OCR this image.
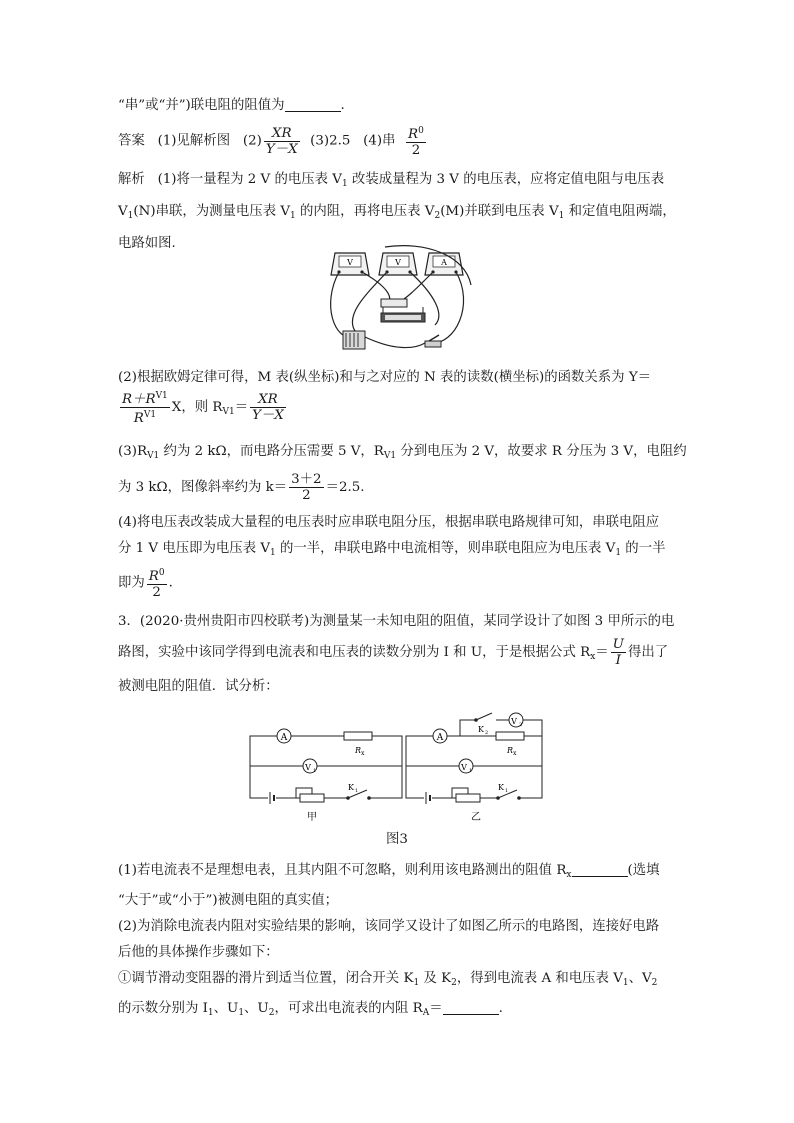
“串”或“并”)联电阻的阻值为	.
答案 (1)见解析图 $(2) \frac{XR}{Y-X} (3)2.5$ (4)串 $\frac{R^0}{2}$
解析 (1)将一量程为 2 V 的电压表 $V_1$ 改装成量程为 3 V 的电压表，应将定值电阻与电压表
$V_1(N)$串联，为测量电压表 $V_1$ 的内阻，再将电压表 $V_2(M)$并联到电压表 $V_1$ 和定值电阻两端，
电路如图.
V	V	A
(2)根据欧姆定律可得，M 表(纵坐标)和与之对应的 N 表的读数(横坐标)的函数关系为 Y＝
$\frac{R+R^{V1}}{R^{V1}}$ X，则 $R_{V1}= \frac{XR}{Y-X}$
$(3)R_{V1}$ 约为 2 kΩ，而电路分压需要 5 V，$R_{V1}$ 分到电压为 2 V，故要求 R 分压为 3 V，电阻约
为 3 kΩ，图像斜率约为 $k= \frac{3+2}{2} =2.5$.
(4)将电压表改装成大量程的电压表时应串联电阻分压，根据串联电路规律可知，串联电阻应
分 1 V 电压即为电压表 $V_1$ 的一半，串联电路中电流相等，则串联电阻应为电压表 $V_1$ 的一半
即为 $\frac{R^0}{2}$ .
3．(2020·贵州贵阳市四校联考)为测量某一未知电阻的阻值，某同学设计了如图 3 甲所示的电
路图，实验中该同学得到电流表和电压表的读数分别为 I 和 U，于是根据公式 $R_x= \frac{U}{I}$ 得出了
被测电阻的阻值．试分析：
A
R x
V 1
K 1
甲
A
R x
K 2
V 2
V 1
K 1
乙
图3
(1)若电流表不是理想电表，且其内阻不可忽略，则利用该电路测出的阻值 $R_x$	(选填
“大于”或“小于”)被测电阻的真实值；
(2)为消除电流表内阻对实验结果的影响，该同学又设计了如图乙所示的电路图，连接好电路
后他的具体操作步骤如下：
①调节滑动变阻器的滑片到适当位置，闭合开关 $K_1$ 及 $K_2$，得到电流表 A 和电压表 $V_1$、$V_2$
的示数分别为 $I_1$、$U_1$、$U_2$，可求出电流表的内阻 $R_A=$	.
